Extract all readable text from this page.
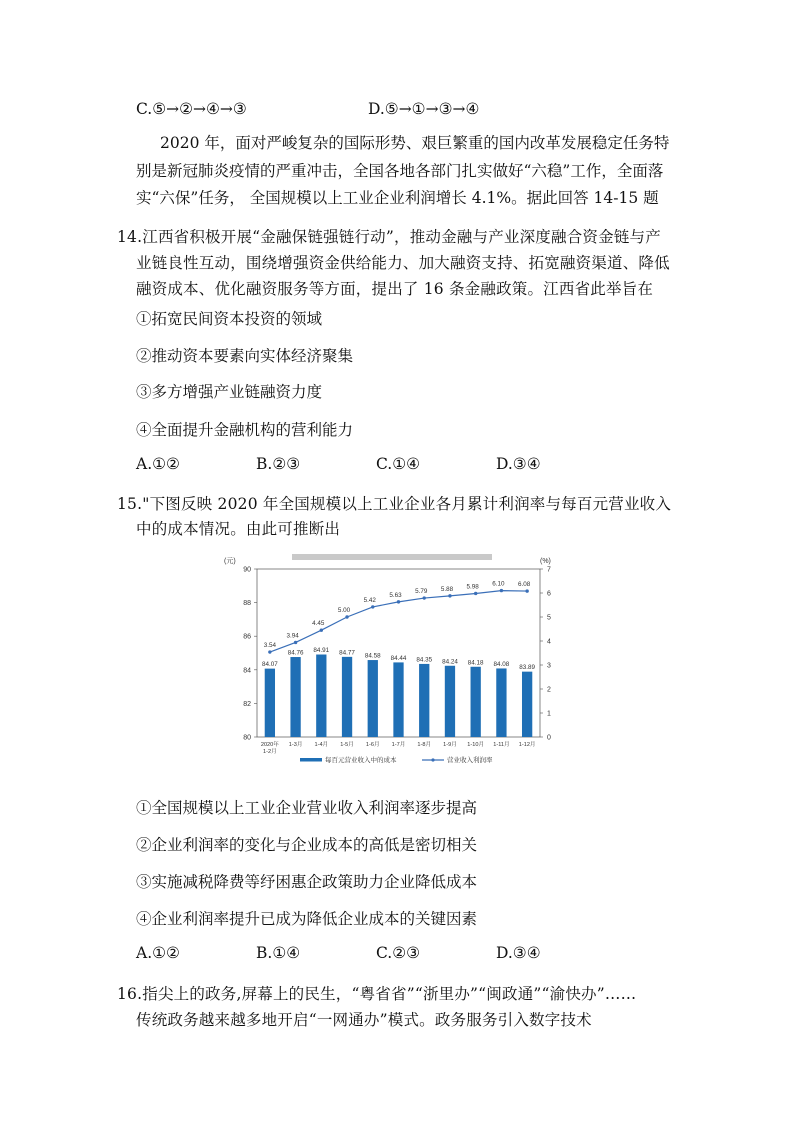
C.⑤→②→④→③	D.⑤→①→③→④
2020 年，面对严峻复杂的国际形势、艰巨繁重的国内改革发展稳定任务特
别是新冠肺炎疫情的严重冲击，全国各地各部门扎实做好“六稳”工作，全面落
实“六保”任务， 全国规模以上工业企业利润增长 4.1%。据此回答 14-15 题
14.江西省积极开展“金融保链强链行动”，推动金融与产业深度融合资金链与产
业链良性互动，围绕增强资金供给能力、加大融资支持、拓宽融资渠道、降低
融资成本、优化融资服务等方面，提出了 16 条金融政策。江西省此举旨在
①拓宽民间资本投资的领域
②推动资本要素向实体经济聚集
③多方增强产业链融资力度
④全面提升金融机构的营利能力
A.①②	B.②③	C.①④	D.③④
15."下图反映 2020 年全国规模以上工业企业各月累计利润率与每百元营业收入
中的成本情况。由此可推断出
(元)	(%)
80
82
84
86
88
90
0
1
2
3
4
5
6
7
84.07
84.76 84.91 84.77 84.58 84.44 84.35 84.24 84.18 84.08 83.89
3.54
3.94
4.45
5.00
5.42
5.63
5.79 5.88 5.98 6.10 6.08
2020年
1-2月
1-3月 1-4月 1-5月 1-6月 1-7月 1-8月 1-9月 1-10月 1-11月 1-12月
每百元营业收入中的成本	营业收入利润率
①全国规模以上工业企业营业收入利润率逐步提高
②企业利润率的变化与企业成本的高低是密切相关
③实施减税降费等纾困惠企政策助力企业降低成本
④企业利润率提升已成为降低企业成本的关键因素
A.①②	B.①④	C.②③	D.③④
16.指尖上的政务,屏幕上的民生，“粤省省”“浙里办”“闽政通”“渝快办”……
传统政务越来越多地开启“一网通办”模式。政务服务引入数字技术
